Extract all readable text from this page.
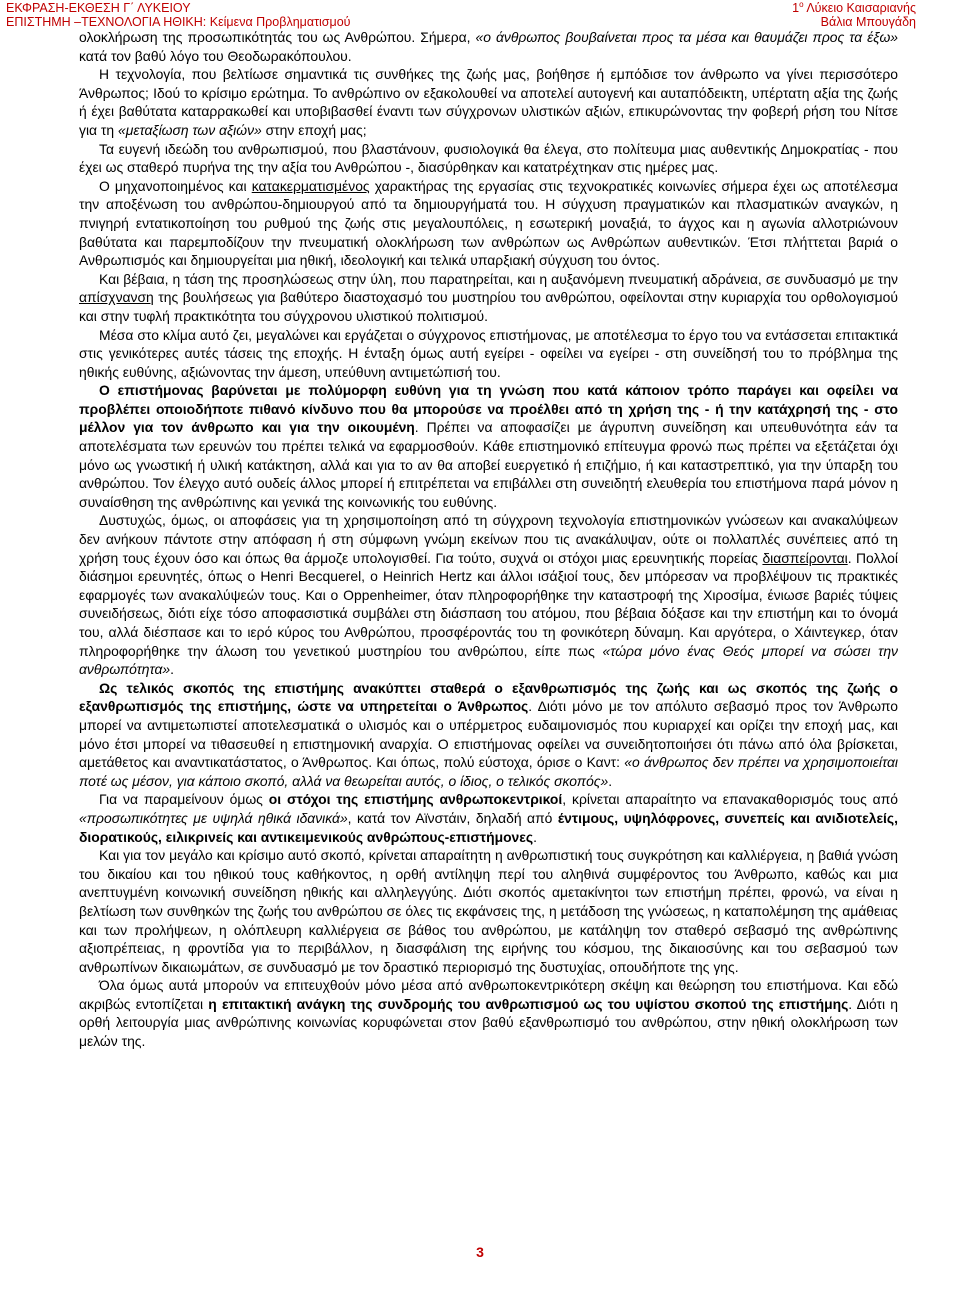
ΕΚΦΡΑΣΗ-ΕΚΘΕΣΗ Γ΄ ΛΥΚΕΙΟΥ
ΕΠΙΣΤΗΜΗ –ΤΕΧΝΟΛΟΓΙΑ ΗΘΙΚΗ: Κείμενα Προβληματισμού
$1^o$ Λύκειο Καισαριανής
Βάλια Μπουγάδη

ολοκλήρωση της προσωπικότητάς του ως Ανθρώπου. Σήμερα, «ο άνθρωπος βουβαίνεται προς τα μέσα και θαυμάζει προς τα έξω» κατά τον βαθύ λόγο του Θεοδωρακόπουλου.

Η τεχνολογία, που βελτίωσε σημαντικά τις συνθήκες της ζωής μας, βοήθησε ή εμπόδισε τον άνθρωπο να γίνει περισσότερο Άνθρωπος; Ιδού το κρίσιμο ερώτημα. Το ανθρώπινο ον εξακολουθεί να αποτελεί αυτογενή και αυταπόδεικτη, υπέρτατη αξία της ζωής ή έχει βαθύτατα καταρρακωθεί και υποβιβασθεί έναντι των σύγχρονων υλιστικών αξιών, επικυρώνοντας την φοβερή ρήση του Νίτσε για τη «μεταξίωση των αξιών» στην εποχή μας;

Τα ευγενή ιδεώδη του ανθρωπισμού, που βλαστάνουν, φυσιολογικά θα έλεγα, στο πολίτευμα μιας αυθεντικής Δημοκρατίας - που έχει ως σταθερό πυρήνα της την αξία του Ανθρώπου -, διασύρθηκαν και κατατρέχτηκαν στις ημέρες μας.

Ο μηχανοποιημένος και κατακερματισμένος χαρακτήρας της εργασίας στις τεχνοκρατικές κοινωνίες σήμερα έχει ως αποτέλεσμα την αποξένωση του ανθρώπου-δημιουργού από τα δημιουργήματά του. Η σύγχυση πραγματικών και πλασματικών αναγκών, η πνιγηρή εντατικοποίηση του ρυθμού της ζωής στις μεγαλουπόλεις, η εσωτερική μοναξιά, το άγχος και η αγωνία αλλοτριώνουν βαθύτατα και παρεμποδίζουν την πνευματική ολοκλήρωση των ανθρώπων ως Ανθρώπων αυθεντικών. Έτσι πλήττεται βαριά ο Ανθρωπισμός και δημιουργείται μια ηθική, ιδεολογική και τελικά υπαρξιακή σύγχυση του όντος.

Και βέβαια, η τάση της προσηλώσεως στην ύλη, που παρατηρείται, και η αυξανόμενη πνευματική αδράνεια, σε συνδυασμό με την απίσχνανση της βουλήσεως για βαθύτερο διαστοχασμό του μυστηρίου του ανθρώπου, οφείλονται στην κυριαρχία του ορθολογισμού και στην τυφλή πρακτικότητα του σύγχρονου υλιστικού πολιτισμού.

Μέσα στο κλίμα αυτό ζει, μεγαλώνει και εργάζεται ο σύγχρονος επιστήμονας, με αποτέλεσμα το έργο του να εντάσσεται επιτακτικά στις γενικότερες αυτές τάσεις της εποχής. Η ένταξη όμως αυτή εγείρει - οφείλει να εγείρει - στη συνείδησή του το πρόβλημα της ηθικής ευθύνης, αξιώνοντας την άμεση, υπεύθυνη αντιμετώπισή του.

Ο επιστήμονας βαρύνεται με πολύμορφη ευθύνη για τη γνώση που κατά κάποιον τρόπο παράγει και οφείλει να προβλέπει οποιοδήποτε πιθανό κίνδυνο που θα μπορούσε να προέλθει από τη χρήση της - ή την κατάχρησή της - στο μέλλον για τον άνθρωπο και για την οικουμένη. Πρέπει να αποφασίζει με άγρυπνη συνείδηση και υπευθυνότητα εάν τα αποτελέσματα των ερευνών του πρέπει τελικά να εφαρμοσθούν. Κάθε επιστημονικό επίτευγμα φρονώ πως πρέπει να εξετάζεται όχι μόνο ως γνωστική ή υλική κατάκτηση, αλλά και για το αν θα αποβεί ευεργετικό ή επιζήμιο, ή και καταστρεπτικό, για την ύπαρξη του ανθρώπου. Τον έλεγχο αυτό ουδείς άλλος μπορεί ή επιτρέπεται να επιβάλλει στη συνειδητή ελευθερία του επιστήμονα παρά μόνον η συναίσθηση της ανθρώπινης και γενικά της κοινωνικής του ευθύνης.

Δυστυχώς, όμως, οι αποφάσεις για τη χρησιμοποίηση από τη σύγχρονη τεχνολογία επιστημονικών γνώσεων και ανακαλύψεων δεν ανήκουν πάντοτε στην απόφαση ή στη σύμφωνη γνώμη εκείνων που τις ανακάλυψαν, ούτε οι πολλαπλές συνέπειες από τη χρήση τους έχουν όσο και όπως θα άρμοζε υπολογισθεί. Για τούτο, συχνά οι στόχοι μιας ερευνητικής πορείας διασπείρονται. Πολλοί διάσημοι ερευνητές, όπως ο Henri Becquerel, ο Heinrich Hertz και άλλοι ισάξιοί τους, δεν μπόρεσαν να προβλέψουν τις πρακτικές εφαρμογές των ανακαλύψεών τους. Και ο Oppenheimer, όταν πληροφορήθηκε την καταστροφή της Χιροσίμα, ένιωσε βαριές τύψεις συνειδήσεως, διότι είχε τόσο αποφασιστικά συμβάλει στη διάσπαση του ατόμου, που βέβαια δόξασε και την επιστήμη και το όνομά του, αλλά διέσπασε και το ιερό κύρος του Ανθρώπου, προσφέροντάς του τη φονικότερη δύναμη. Και αργότερα, ο Χάιντεγκερ, όταν πληροφορήθηκε την άλωση του γενετικού μυστηρίου του ανθρώπου, είπε πως «τώρα μόνο ένας Θεός μπορεί να σώσει την ανθρωπότητα».

Ως τελικός σκοπός της επιστήμης ανακύπτει σταθερά ο εξανθρωπισμός της ζωής και ως σκοπός της ζωής ο εξανθρωπισμός της επιστήμης, ώστε να υπηρετείται ο Άνθρωπος. Διότι μόνο με τον απόλυτο σεβασμό προς τον Άνθρωπο μπορεί να αντιμετωπιστεί αποτελεσματικά ο υλισμός και ο υπέρμετρος ευδαιμονισμός που κυριαρχεί και ορίζει την εποχή μας, και μόνο έτσι μπορεί να τιθασευθεί η επιστημονική αναρχία. Ο επιστήμονας οφείλει να συνειδητοποιήσει ότι πάνω από όλα βρίσκεται, αμετάθετος και αναντικατάστατος, ο Άνθρωπος. Και όπως, πολύ εύστοχα, όρισε ο Καντ: «ο άνθρωπος δεν πρέπει να χρησιμοποιείται ποτέ ως μέσον, για κάποιο σκοπό, αλλά να θεωρείται αυτός, ο ίδιος, ο τελικός σκοπός».

Για να παραμείνουν όμως οι στόχοι της επιστήμης ανθρωποκεντρικοί, κρίνεται απαραίτητο να επανακαθορισμός τους από «προσωπικότητες με υψηλά ηθικά ιδανικά», κατά τον Αϊνστάιν, δηλαδή από έντιμους, υψηλόφρονες, συνεπείς και ανιδιοτελείς, διορατικούς, ειλικρινείς και αντικειμενικούς ανθρώπους-επιστήμονες.

Και για τον μεγάλο και κρίσιμο αυτό σκοπό, κρίνεται απαραίτητη η ανθρωπιστική τους συγκρότηση και καλλιέργεια, η βαθιά γνώση του δικαίου και του ηθικού τους καθήκοντος, η ορθή αντίληψη περί του αληθινά συμφέροντος του Άνθρωπο, καθώς και μια ανεπτυγμένη κοινωνική συνείδηση ηθικής και αλληλεγγύης. Διότι σκοπός αμετακίνητοι των επιστήμη πρέπει, φρονώ, να είναι η βελτίωση των συνθηκών της ζωής του ανθρώπου σε όλες τις εκφάνσεις της, η μετάδοση της γνώσεως, η καταπολέμηση της αμάθειας και των προλήψεων, η ολόπλευρη καλλιέργεια σε βάθος του ανθρώπου, με κατάληψη τον σταθερό σεβασμό της ανθρώπινης αξιοπρέπειας, η φροντίδα για το περιβάλλον, η διασφάλιση της ειρήνης του κόσμου, της δικαιοσύνης και του σεβασμού των ανθρωπίνων δικαιωμάτων, σε συνδυασμό με τον δραστικό περιορισμό της δυστυχίας, οπουδήποτε της γης.

Όλα όμως αυτά μπορούν να επιτευχθούν μόνο μέσα από ανθρωποκεντρικότερη σκέψη και θεώρηση του επιστήμονα. Και εδώ ακριβώς εντοπίζεται η επιτακτική ανάγκη της συνδρομής του ανθρωπισμού ως του υψίστου σκοπού της επιστήμης. Διότι η ορθή λειτουργία μιας ανθρώπινης κοινωνίας κορυφώνεται στον βαθύ εξανθρωπισμό του ανθρώπου, στην ηθική ολοκλήρωση των μελών της.

3
